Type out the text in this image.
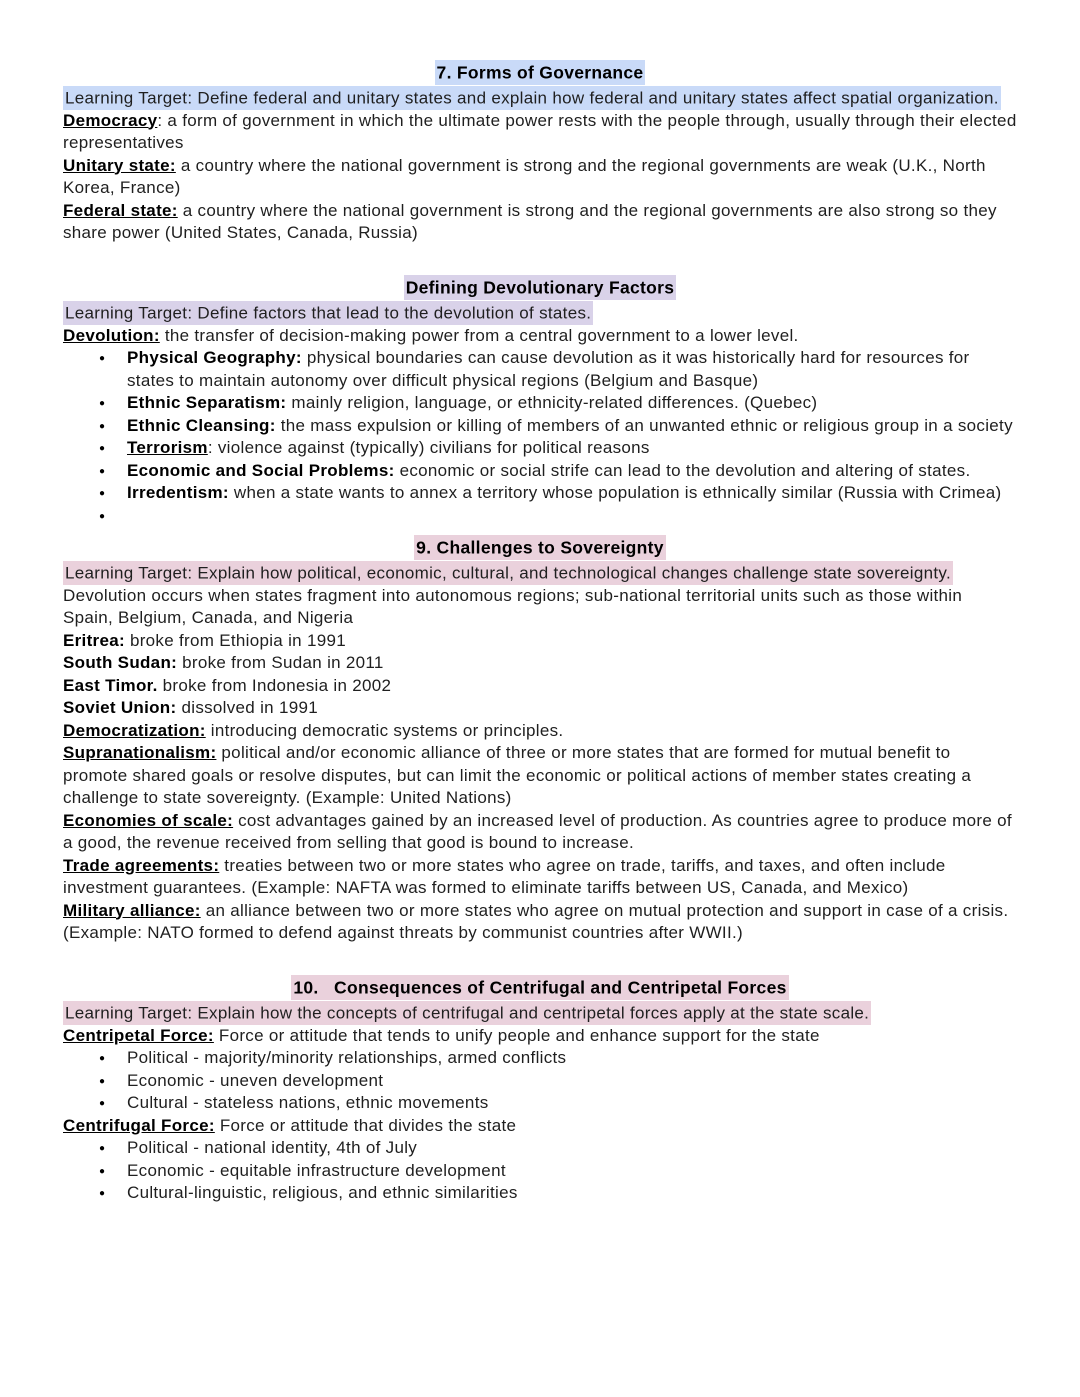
7. Forms of Governance

Learning Target: Define federal and unitary states and explain how federal and unitary states affect spatial organization.

Democracy: a form of government in which the ultimate power rests with the people through, usually through their elected representatives

Unitary state: a country where the national government is strong and the regional governments are weak (U.K., North Korea, France)

Federal state: a country where the national government is strong and the regional governments are also strong so they share power (United States, Canada, Russia)

Defining Devolutionary Factors

Learning Target: Define factors that lead to the devolution of states.

Devolution: the transfer of decision-making power from a central government to a lower level.

● Physical Geography: physical boundaries can cause devolution as it was historically hard for resources for states to maintain autonomy over difficult physical regions (Belgium and Basque)
● Ethnic Separatism: mainly religion, language, or ethnicity-related differences. (Quebec)
● Ethnic Cleansing: the mass expulsion or killing of members of an unwanted ethnic or religious group in a society
● Terrorism: violence against (typically) civilians for political reasons
● Economic and Social Problems: economic or social strife can lead to the devolution and altering of states.
● Irredentism: when a state wants to annex a territory whose population is ethnically similar (Russia with Crimea)
●
9. Challenges to Sovereignty

Learning Target: Explain how political, economic, cultural, and technological changes challenge state sovereignty.

Devolution occurs when states fragment into autonomous regions; sub-national territorial units such as those within Spain, Belgium, Canada, and Nigeria

Eritrea: broke from Ethiopia in 1991

South Sudan: broke from Sudan in 2011

East Timor. broke from Indonesia in 2002

Soviet Union: dissolved in 1991

Democratization: introducing democratic systems or principles.

Supranationalism: political and/or economic alliance of three or more states that are formed for mutual benefit to promote shared goals or resolve disputes, but can limit the economic or political actions of member states creating a challenge to state sovereignty. (Example: United Nations)

Economies of scale: cost advantages gained by an increased level of production. As countries agree to produce more of a good, the revenue received from selling that good is bound to increase.

Trade agreements: treaties between two or more states who agree on trade, tariffs, and taxes, and often include investment guarantees. (Example: NAFTA was formed to eliminate tariffs between US, Canada, and Mexico)

Military alliance: an alliance between two or more states who agree on mutual protection and support in case of a crisis. (Example: NATO formed to defend against threats by communist countries after WWII.)

10.   Consequences of Centrifugal and Centripetal Forces

Learning Target: Explain how the concepts of centrifugal and centripetal forces apply at the state scale.

Centripetal Force: Force or attitude that tends to unify people and enhance support for the state

● Political - majority/minority relationships, armed conflicts
● Economic - uneven development
● Cultural - stateless nations, ethnic movements

Centrifugal Force: Force or attitude that divides the state

● Political - national identity, 4th of July
● Economic - equitable infrastructure development
● Cultural-linguistic, religious, and ethnic similarities
